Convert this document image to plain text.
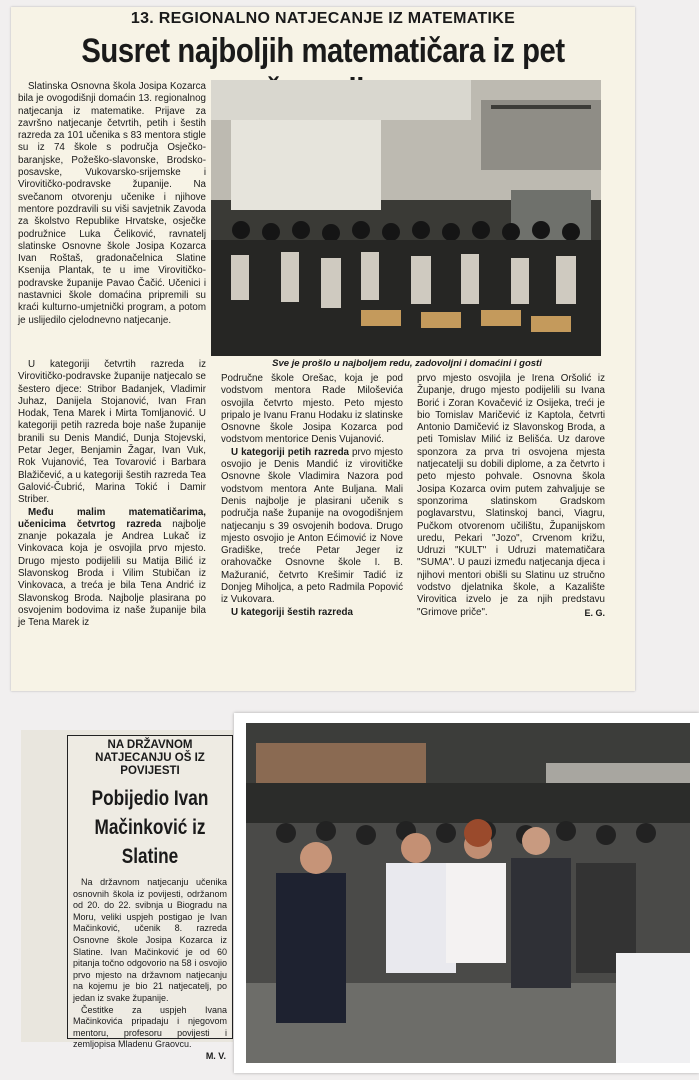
13. REGIONALNO NATJECANJE IZ MATEMATIKE
Susret najboljih matematičara iz pet
Sve je prošlo u najboljem redu, zadovoljni i domaćini i gosti

Slatinska Osnovna škola Josipa Kozarca bila je ovogodišnji domaćin 13. regionalnog natjecanja iz matematike. Prijave za završno natjecanje četvrtih, petih i šestih razreda za 101 učenika s 83 mentora stigle su iz 74 škole s područja Osječko-baranjske, Požeško-slavonske, Brodsko-posavske, Vukovarsko-srijemske i Virovitičko-podravske županije. Na svečanom otvorenju učenike i njihove mentore pozdravili su viši savjetnik Zavoda za školstvo Republike Hrvatske, osječke podružnice Luka Čeliković, ravnatelj slatinske Osnovne škole Josipa Kozarca Ivan Roštaš, gradonačelnica Slatine Ksenija Plantak, te u ime Virovitičko-podravske županije Pavao Čačić. Učenici i nastavnici škole domaćina pripremili su kraći kulturno-umjetnički program, a potom je uslijedilo cjelodnevno natjecanje.

U kategoriji četvrtih razreda iz Virovitičko-podravske županije natjecalo se šestero djece: Stribor Badanjek, Vladimir Juhaz, Danijela Stojanović, Ivan Fran Hodak, Tena Marek i Mirta Tomljanović. U kategoriji petih razreda boje naše županije branili su Denis Mandić, Dunja Stojevski, Petar Jeger, Benjamin Žagar, Ivan Vuk, Rok Vujanović, Tea Tovarović i Barbara Blažičević, a u kategoriji šestih razreda Tea Galović-Čubrić, Marina Tokić i Damir Striber.

Među malim matematičarima, učenicima četvrtog razreda najbolje znanje pokazala je Andrea Lukač iz Vinkovaca koja je osvojila prvo mjesto. Drugo mjesto podijelili su Matija Bilić iz Slavonskog Broda i Vilim Stubičan iz Vinkovaca, a treća je bila Tena Andrić iz Slavonskog Broda. Najbolje plasirana po osvojenim bodovima iz naše županije bila je Tena Marek iz

Područne škole Orešac, koja je pod vodstvom mentora Rade Miloševića osvojila četvrto mjesto. Peto mjesto pripalo je Ivanu Franu Hodaku iz slatinske Osnovne škole Josipa Kozarca pod vodstvom mentorice Denis Vujanović.

U kategoriji petih razreda prvo mjesto osvojio je Denis Mandić iz virovitičke Osnovne škole Vladimira Nazora pod vodstvom mentora Ante Buljana. Mali Denis najbolje je plasirani učenik s područja naše županije na ovogodišnjem natjecanju s 39 osvojenih bodova. Drugo mjesto osvojio je Anton Ećimović iz Nove Gradiške, treće Petar Jeger iz orahovačke Osnovne škole I. B. Mažuranić, četvrto Krešimir Tadić iz Donjeg Miholjca, a peto Radmila Popović iz Vukovara.

U kategoriji šestih razreda

prvo mjesto osvojila je Irena Oršolić iz Županje, drugo mjesto podijelili su Ivana Borić i Zoran Kovačević iz Osijeka, treći je bio Tomislav Maričević iz Kaptola, četvrti Antonio Damičević iz Slavonskog Broda, a peti Tomislav Milić iz Belišća. Uz darove sponzora za prva tri osvojena mjesta natjecatelji su dobili diplome, a za četvrto i peto mjesto pohvale. Osnovna škola Josipa Kozarca ovim putem zahvaljuje se sponzorima slatinskom Gradskom poglavarstvu, Slatinskoj banci, Viagru, Pučkom otvorenom učilištu, Županijskom uredu, Pekari "Jozo", Crvenom križu, Udruzi "KULT" i Udruzi matematičara "SUMA". U pauzi između natjecanja djeca i njihovi mentori obišli su Slatinu uz stručno vodstvo djelatnika škole, a Kazalište Virovitica izvelo je za njih predstavu "Grimove priče".	E. G.
NA DRŽAVNOM NATJECANJU OŠ IZ POVIJESTI
Pobijedio Ivan Mačinković iz Slatine

Na državnom natjecanju učenika osnovnih škola iz povijesti, održanom od 20. do 22. svibnja u Biogradu na Moru, veliki uspjeh postigao je Ivan Mačinković, učenik 8. razreda Osnovne škole Josipa Kozarca iz Slatine. Ivan Mačinković je od 60 pitanja točno odgovorio na 58 i osvojio prvo mjesto na državnom natjecanju na kojemu je bio 21 natjecatelj, po jedan iz svake županije.

Čestitke za uspjeh Ivana Mačinkovića pripadaju i njegovom mentoru, profesoru povijesti i zemljopisa Mladenu Graovcu.

M. V.
